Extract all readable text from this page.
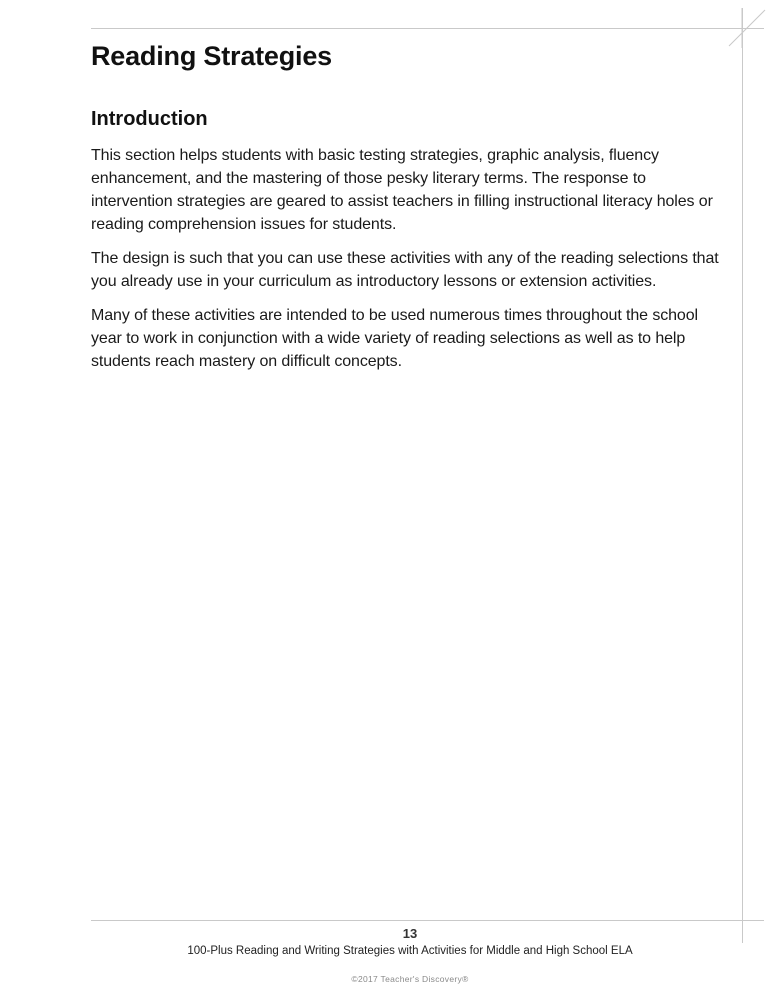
Reading Strategies
Introduction

This section helps students with basic testing strategies, graphic analysis, fluency enhancement, and the mastering of those pesky literary terms. The response to intervention strategies are geared to assist teachers in filling instructional literacy holes or reading comprehension issues for students.

The design is such that you can use these activities with any of the reading selections that you already use in your curriculum as introductory lessons or extension activities.

Many of these activities are intended to be used numerous times throughout the school year to work in conjunction with a wide variety of reading selections as well as to help students reach mastery on difficult concepts.

13
100-Plus Reading and Writing Strategies with Activities for Middle and High School ELA
©2017 Teacher's Discovery®
